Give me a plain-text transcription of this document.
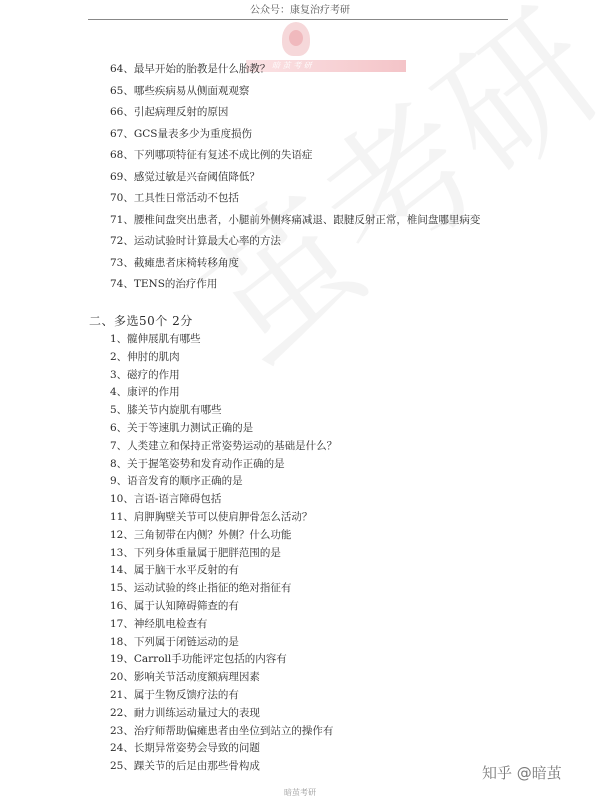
公众号：康复治疗考研
暗 茧 考 研
64、最早开始的胎教是什么胎教？
65、哪些疾病易从侧面观观察
66、引起病理反射的原因
67、GCS量表多少为重度损伤
68、下列哪项特征有复述不成比例的失语症
69、感觉过敏是兴奋阈值降低？
70、工具性日常活动不包括
71、腰椎间盘突出患者，小腿前外侧疼痛减退、跟腱反射正常，椎间盘哪里病变
72、运动试验时计算最大心率的方法
73、截瘫患者床椅转移角度
74、TENS的治疗作用
二、多选50个 2分
1、髋伸展肌有哪些
2、伸肘的肌肉
3、磁疗的作用
4、康评的作用
5、膝关节内旋肌有哪些
6、关于等速肌力测试正确的是
7、人类建立和保持正常姿势运动的基础是什么？
8、关于握笔姿势和发育动作正确的是
9、语音发育的顺序正确的是
10、言语-语言障碍包括
11、肩胛胸壁关节可以使肩胛骨怎么活动？
12、三角韧带在内侧？外侧？什么功能
13、下列身体重量属于肥胖范围的是
14、属于脑干水平反射的有
15、运动试验的终止指征的绝对指征有
16、属于认知障碍筛查的有
17、神经肌电检查有
18、下列属于闭链运动的是
19、Carroll手功能评定包括的内容有
20、影响关节活动度额病理因素
21、属于生物反馈疗法的有
22、耐力训练运动量过大的表现
23、治疗师帮助偏瘫患者由坐位到站立的操作有
24、长期异常姿势会导致的问题
25、踝关节的后足由那些骨构成	知乎 @暗茧
暗茧考研
